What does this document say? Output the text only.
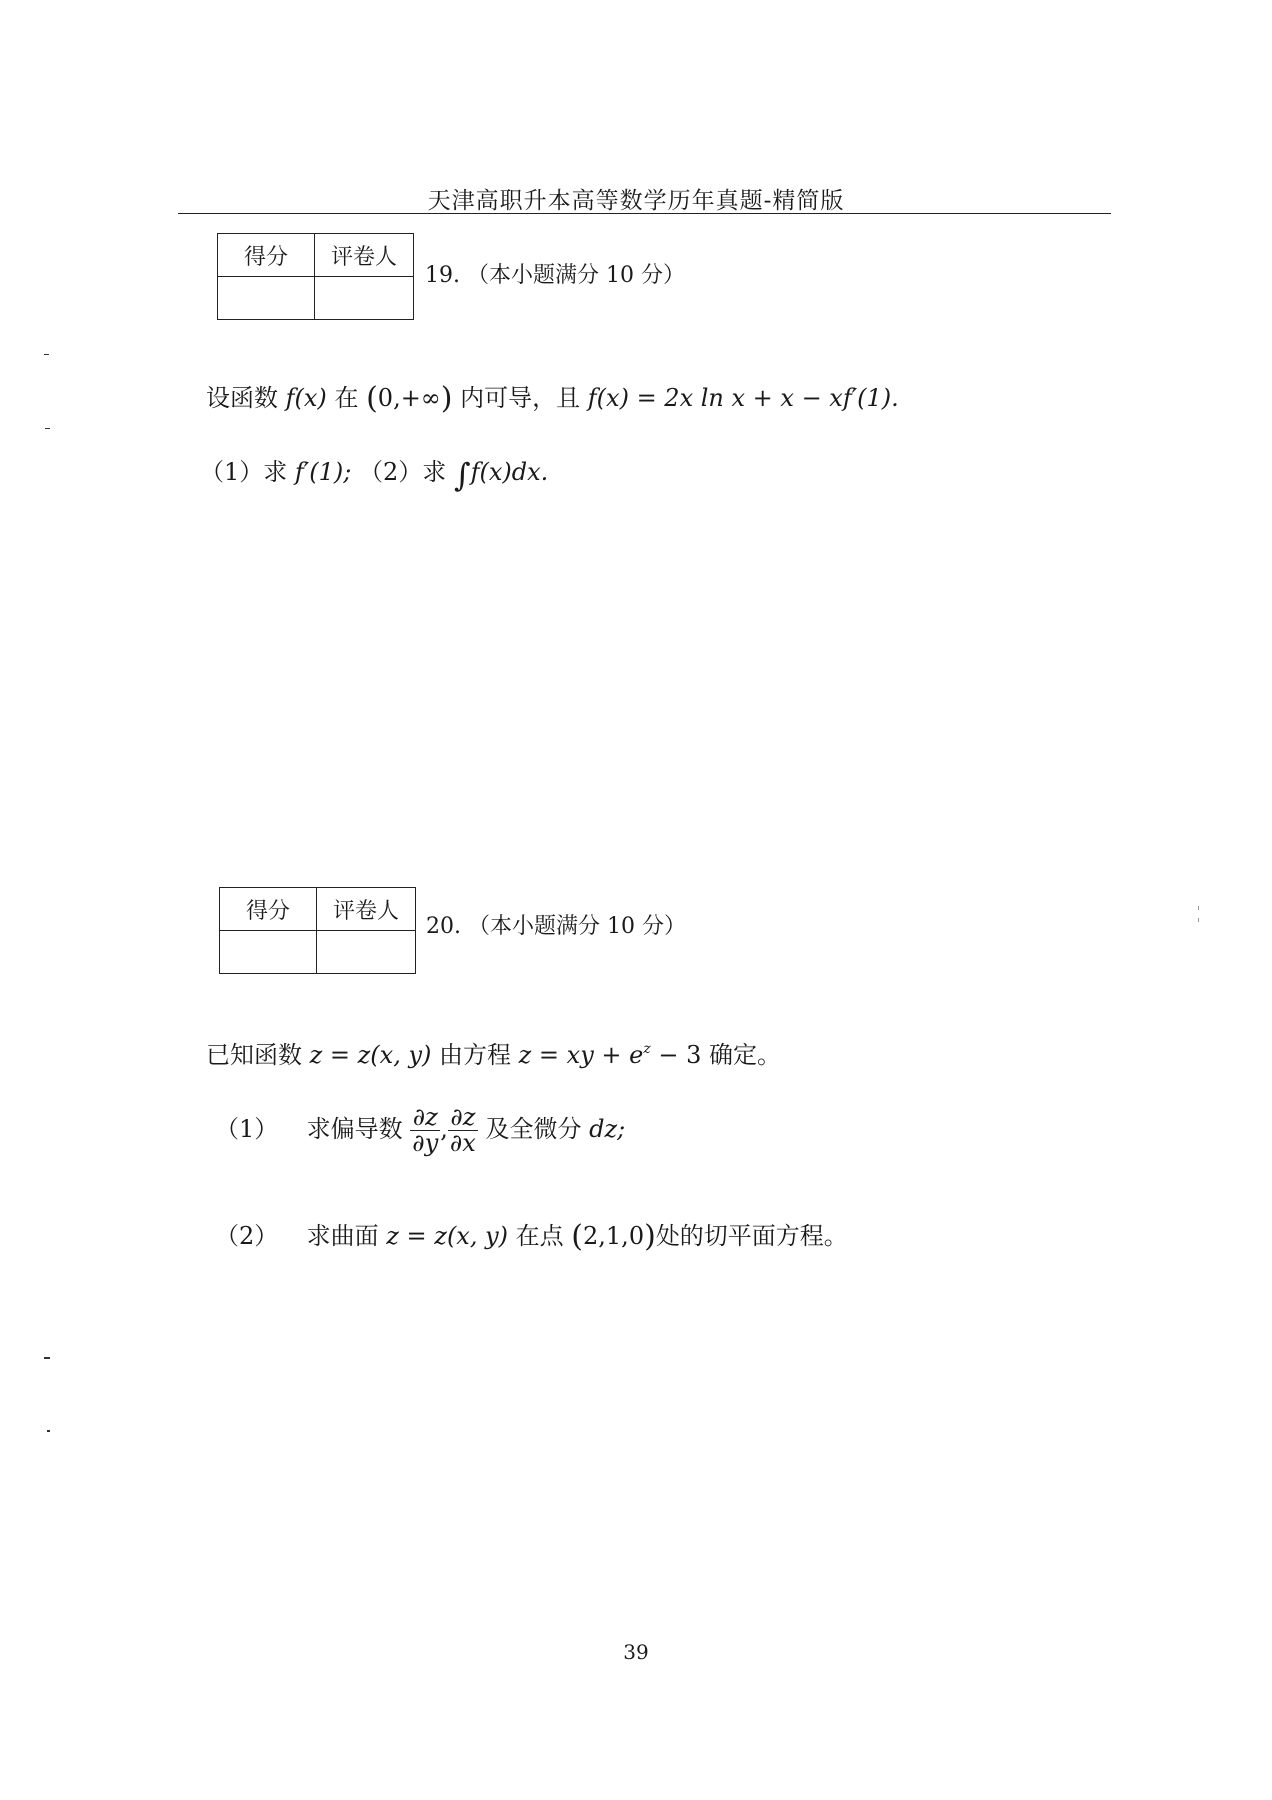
天津高职升本高等数学历年真题-精简版
得分	评卷人

19. （本小题满分 10 分）
设函数 f(x) 在 (0,+∞) 内可导，且 f(x) = 2x ln x + x − xf′(1).
（1）求 f′(1); （2）求 ∫f(x)dx.
得分	评卷人

20. （本小题满分 10 分）
已知函数 z = z(x, y) 由方程 z = xy + $e^z - 3$ 确定。
（1） 求偏导数 $\frac{\partial z}{\partial y}$ , $\frac{\partial z}{\partial x}$ 及全微分 dz;
（2） 求曲面 z = z(x, y) 在点 (2,1,0)处的切平面方程。
39
